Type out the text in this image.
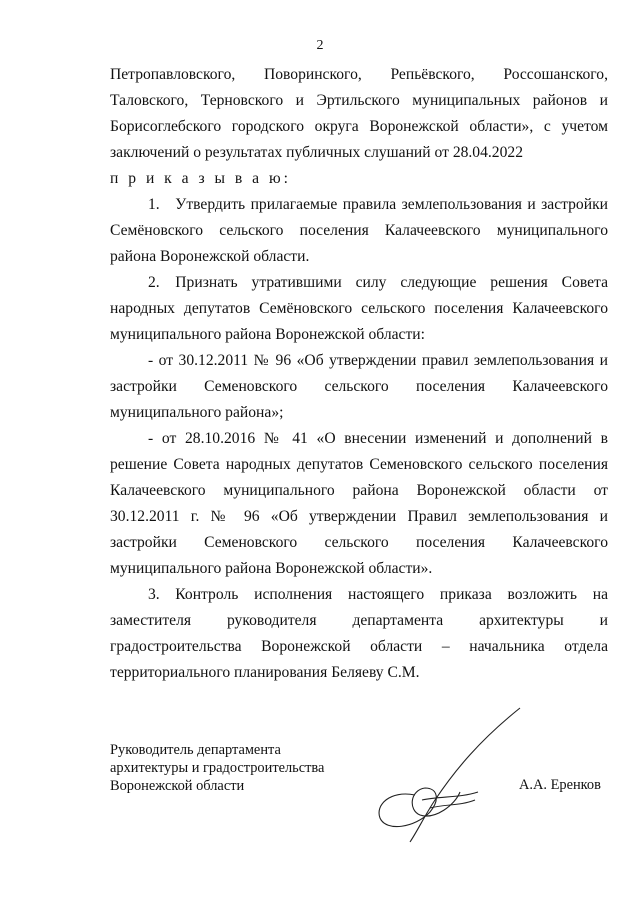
2

Петропавловского, Поворинского, Репьёвского, Россошанского, Таловского, Терновского и Эртильского муниципальных районов и Борисоглебского городского округа Воронежской области», с учетом заключений о результатах публичных слушаний от 28.04.2022

п р и к а з ы в а ю:

1. Утвердить прилагаемые правила землепользования и застройки Семёновского сельского поселения Калачеевского муниципального района Воронежской области.

2. Признать утратившими силу следующие решения Совета народных депутатов Семёновского сельского поселения Калачеевского муниципального района Воронежской области:

- от 30.12.2011 № 96 «Об утверждении правил землепользования и застройки Семеновского сельского поселения Калачеевского муниципального района»;

- от 28.10.2016 № 41 «О внесении изменений и дополнений в решение Совета народных депутатов Семеновского сельского поселения Калачеевского муниципального района Воронежской области от 30.12.2011 г. № 96 «Об утверждении Правил землепользования и застройки Семеновского сельского поселения Калачеевского муниципального района Воронежской области».

3. Контроль исполнения настоящего приказа возложить на заместителя руководителя департамента архитектуры и градостроительства Воронежской области – начальника отдела территориального планирования Беляеву С.М.

Руководитель департамента
архитектуры и градостроительства
Воронежской области	А.А. Еренков
